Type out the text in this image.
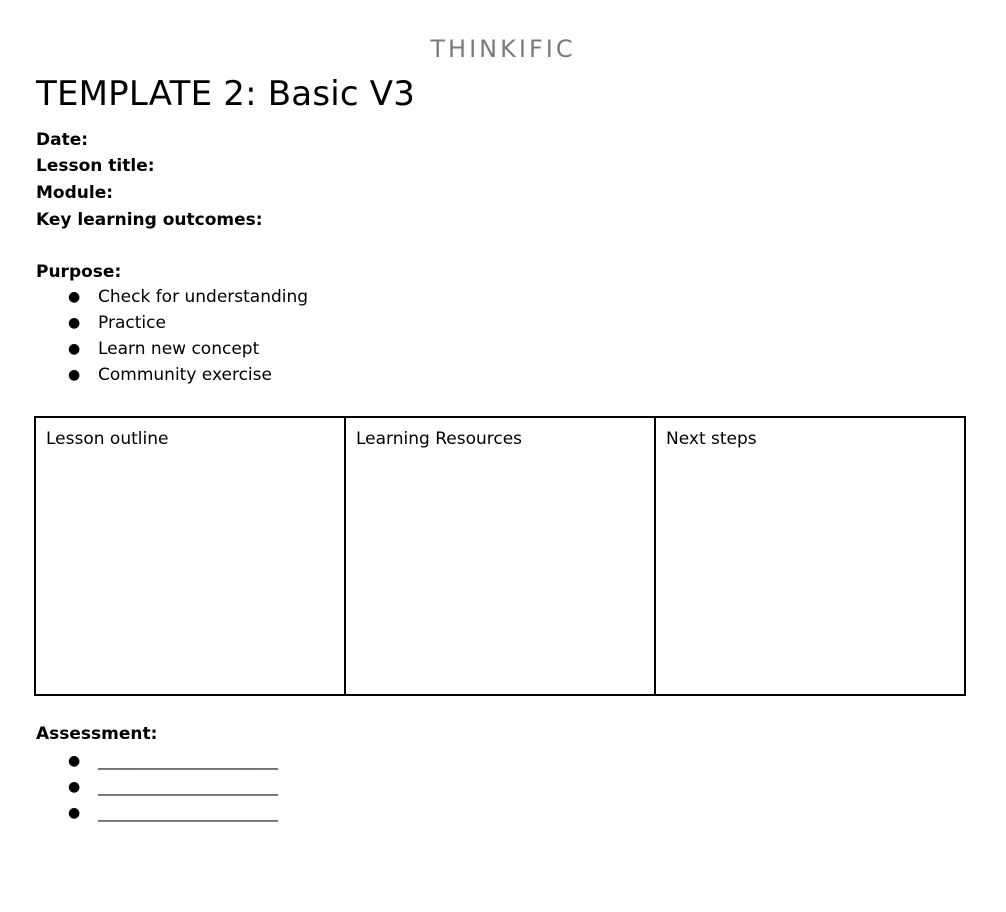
THINKIFIC
TEMPLATE 2: Basic V3
Date:
Lesson title:
Module:
Key learning outcomes:
Purpose:
● Check for understanding
● Practice
● Learn new concept
● Community exercise
Lesson outline	Learning Resources	Next steps
Assessment:
● ________________________
● ________________________
● ________________________
